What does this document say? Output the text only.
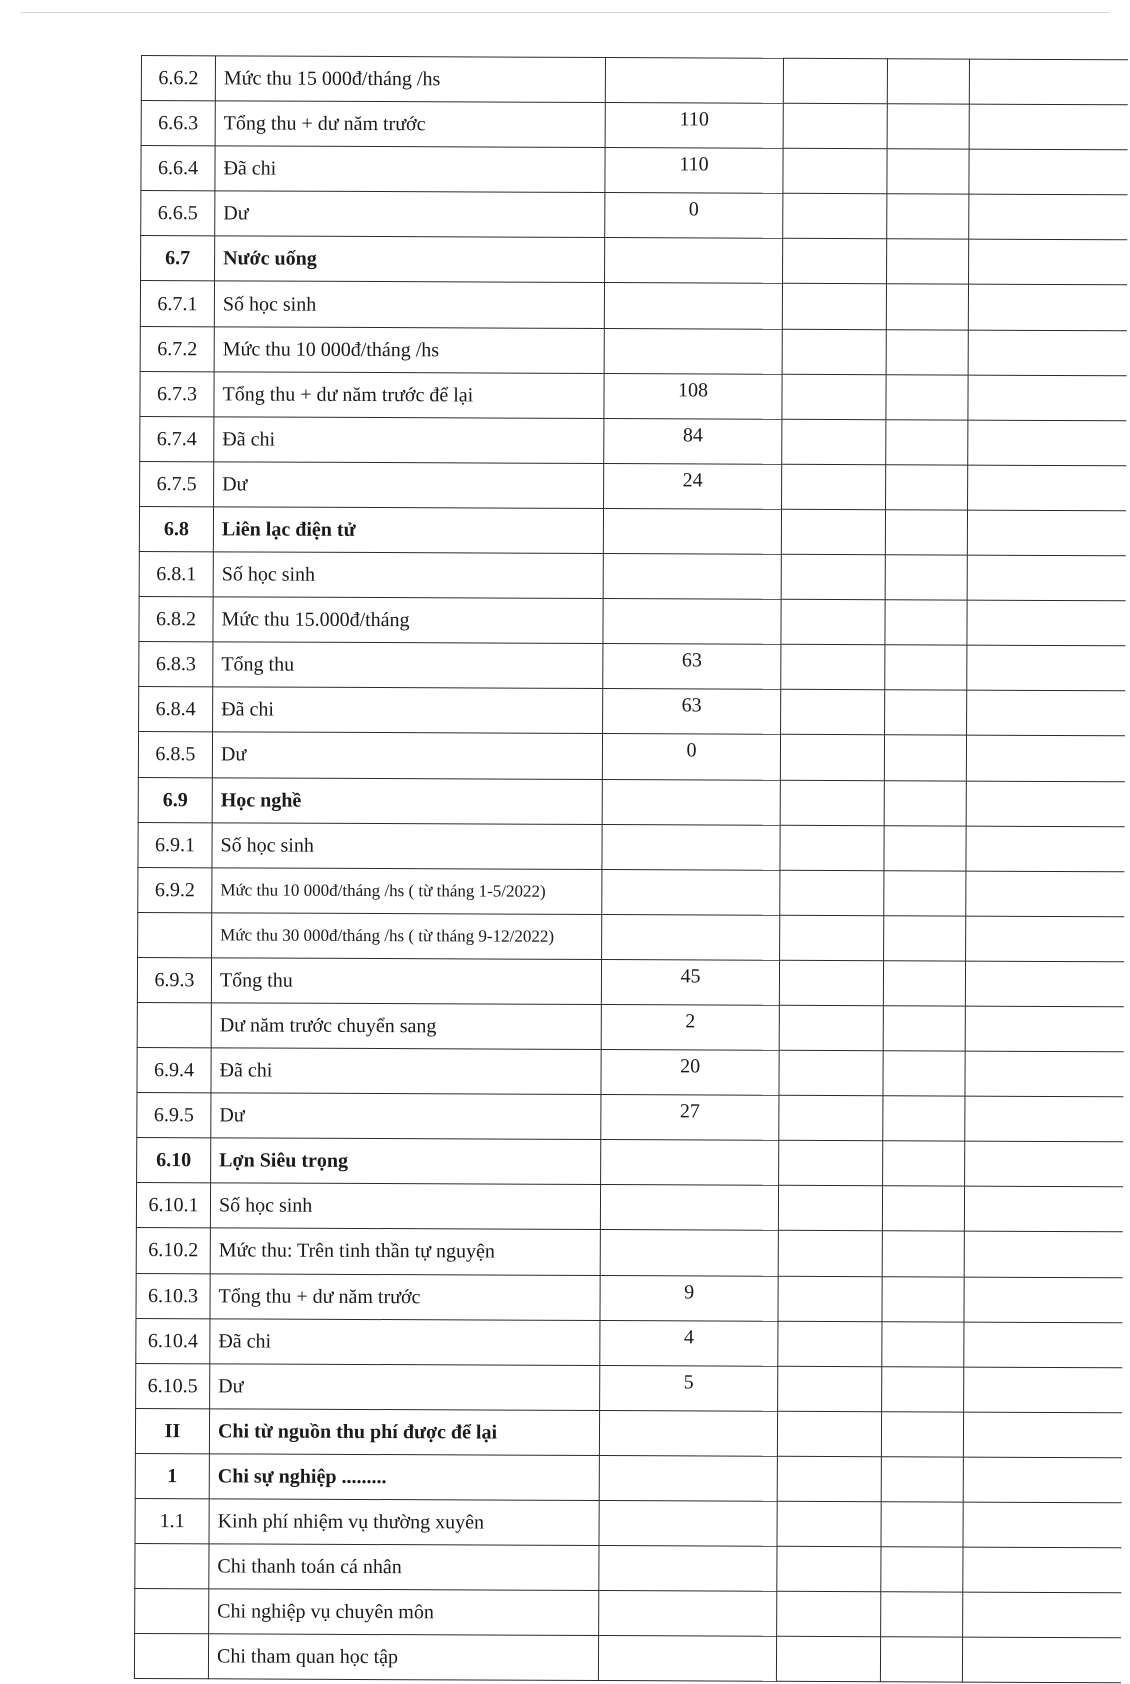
6.6.2	Mức thu 15 000đ/tháng /hs				
6.6.3	Tổng thu + dư năm trước	110			
6.6.4	Đã chi	110			
6.6.5	Dư	0			
6.7	Nước uống				
6.7.1	Số học sinh				
6.7.2	Mức thu 10 000đ/tháng /hs				
6.7.3	Tổng thu + dư năm trước để lại	108			
6.7.4	Đã chi	84			
6.7.5	Dư	24			
6.8	Liên lạc điện tử				
6.8.1	Số học sinh				
6.8.2	Mức thu 15.000đ/tháng				
6.8.3	Tổng thu	63			
6.8.4	Đã chi	63			
6.8.5	Dư	0			
6.9	Học nghề				
6.9.1	Số học sinh				
6.9.2	Mức thu 10 000đ/tháng /hs ( từ tháng 1-5/2022)				
	Mức thu 30 000đ/tháng /hs ( từ tháng 9-12/2022)				
6.9.3	Tổng thu	45			
	Dư năm trước chuyển sang	2			
6.9.4	Đã chi	20			
6.9.5	Dư	27			
6.10	Lợn Siêu trọng				
6.10.1	Số học sinh				
6.10.2	Mức thu: Trên tinh thần tự nguyện				
6.10.3	Tổng thu + dư năm trước	9			
6.10.4	Đã chi	4			
6.10.5	Dư	5			
II	Chi từ nguồn thu phí được để lại				
1	Chi sự nghiệp .........				
1.1	Kinh phí nhiệm vụ thường xuyên				
	Chi thanh toán cá nhân				
	Chi nghiệp vụ chuyên môn				
	Chi tham quan học tập				
